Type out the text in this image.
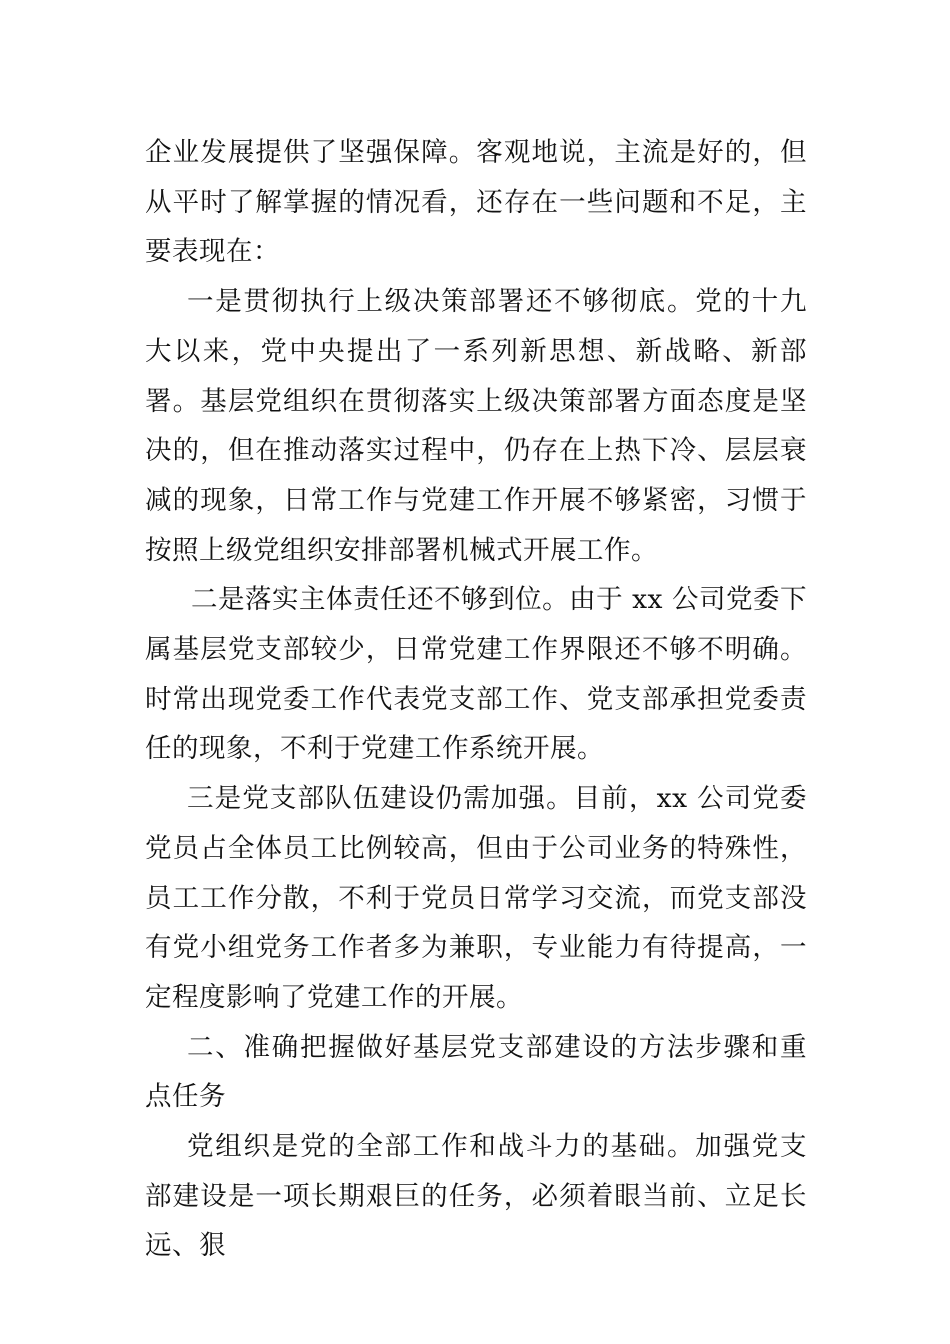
企业发展提供了坚强保障。客观地说，主流是好的，但从平时了解掌握的情况看，还存在一些问题和不足，主要表现在：

一是贯彻执行上级决策部署还不够彻底。党的十九大以来，党中央提出了一系列新思想、新战略、新部署。基层党组织在贯彻落实上级决策部署方面态度是坚决的，但在推动落实过程中，仍存在上热下冷、层层衰减的现象，日常工作与党建工作开展不够紧密，习惯于按照上级党组织安排部署机械式开展工作。

二是落实主体责任还不够到位。由于 xx 公司党委下属基层党支部较少，日常党建工作界限还不够不明确。时常出现党委工作代表党支部工作、党支部承担党委责任的现象，不利于党建工作系统开展。

三是党支部队伍建设仍需加强。目前，xx 公司党委党员占全体员工比例较高，但由于公司业务的特殊性，员工工作分散，不利于党员日常学习交流，而党支部没有党小组党务工作者多为兼职，专业能力有待提高，一定程度影响了党建工作的开展。

二、准确把握做好基层党支部建设的方法步骤和重点任务

党组织是党的全部工作和战斗力的基础。加强党支部建设是一项长期艰巨的任务，必须着眼当前、立足长远、狠
